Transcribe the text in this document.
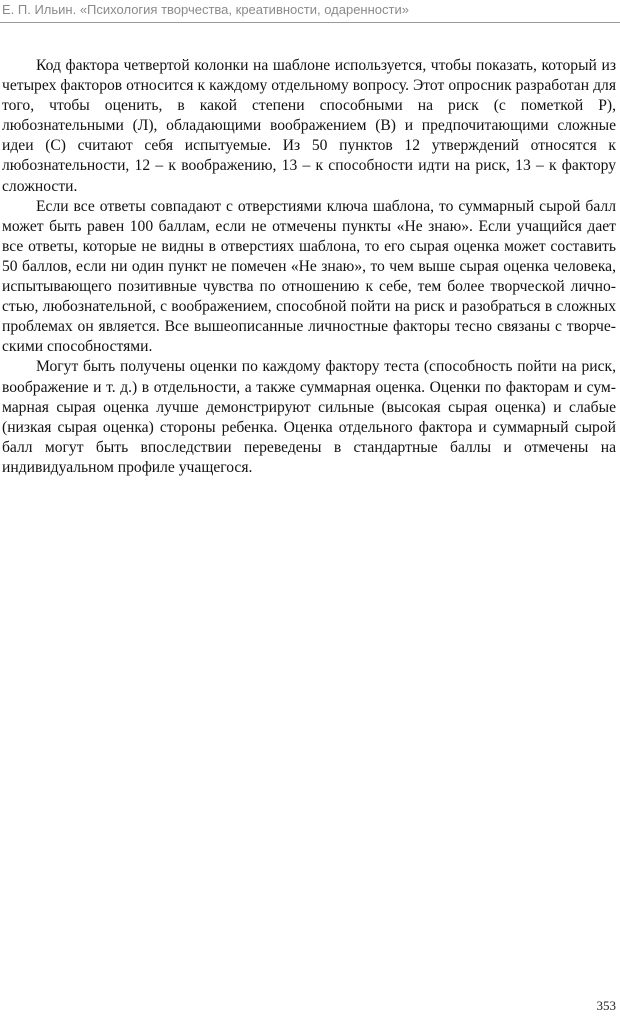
Е. П. Ильин. «Психология творчества, креативности, одаренности»

Код фактора четвертой колонки на шаблоне используется, чтобы показать, который из четырех факторов относится к каждому отдельному вопросу. Этот опросник разработан для того, чтобы оценить, в какой степени способными на риск (с пометкой Р), любознательными (Л), обладающими воображением (В) и предпочитающими сложные идеи (С) считают себя испытуемые. Из 50 пунктов 12 утверждений относятся к любознательности, 12 – к воображению, 13 – к способности идти на риск, 13 – к фактору сложности.

Если все ответы совпадают с отверстиями ключа шаблона, то суммарный сырой балл может быть равен 100 баллам, если не отмечены пункты «Не знаю». Если учащийся дает все ответы, которые не видны в отверстиях шаблона, то его сырая оценка может составить 50 баллов, если ни один пункт не помечен «Не знаю», то чем выше сырая оценка человека, испытывающего позитивные чувства по отношению к себе, тем более творческой личностью, любознательной, с воображением, способной пойти на риск и разобраться в сложных проблемах он является. Все вышеописанные личностные факторы тесно связаны с творческими способностями.

Могут быть получены оценки по каждому фактору теста (способность пойти на риск, воображение и т. д.) в отдельности, а также суммарная оценка. Оценки по факторам и суммарная сырая оценка лучше демонстрируют сильные (высокая сырая оценка) и слабые (низкая сырая оценка) стороны ребенка. Оценка отдельного фактора и суммарный сырой балл могут быть впоследствии переведены в стандартные баллы и отмечены на индивидуальном профиле учащегося.

353
